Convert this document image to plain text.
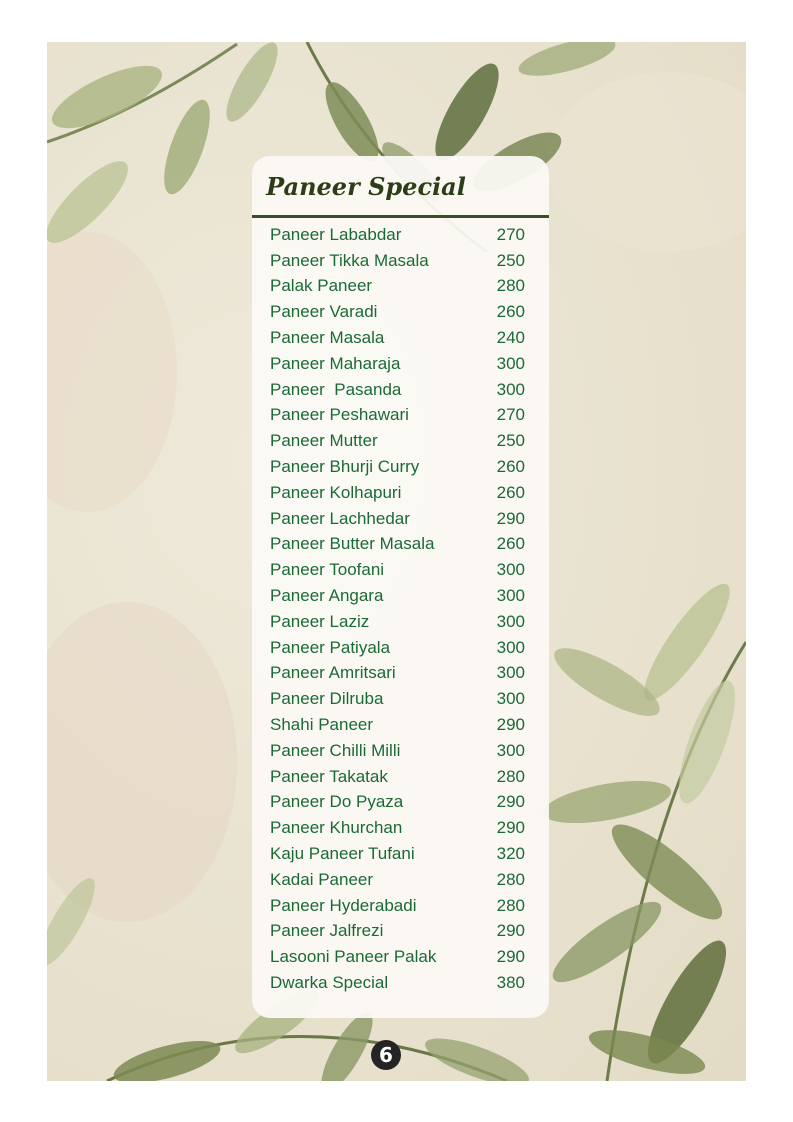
Paneer Special
Paneer Lababdar	270
Paneer Tikka Masala	250
Palak Paneer	280
Paneer Varadi	260
Paneer Masala	240
Paneer Maharaja	300
Paneer  Pasanda	300
Paneer Peshawari	270
Paneer Mutter	250
Paneer Bhurji Curry	260
Paneer Kolhapuri	260
Paneer Lachhedar	290
Paneer Butter Masala	260
Paneer Toofani	300
Paneer Angara	300
Paneer Laziz	300
Paneer Patiyala	300
Paneer Amritsari	300
Paneer Dilruba	300
Shahi Paneer	290
Paneer Chilli Milli	300
Paneer Takatak	280
Paneer Do Pyaza	290
Paneer Khurchan	290
Kaju Paneer Tufani	320
Kadai Paneer	280
Paneer Hyderabadi	280
Paneer Jalfrezi	290
Lasooni Paneer Palak	290
Dwarka Special	380
6
